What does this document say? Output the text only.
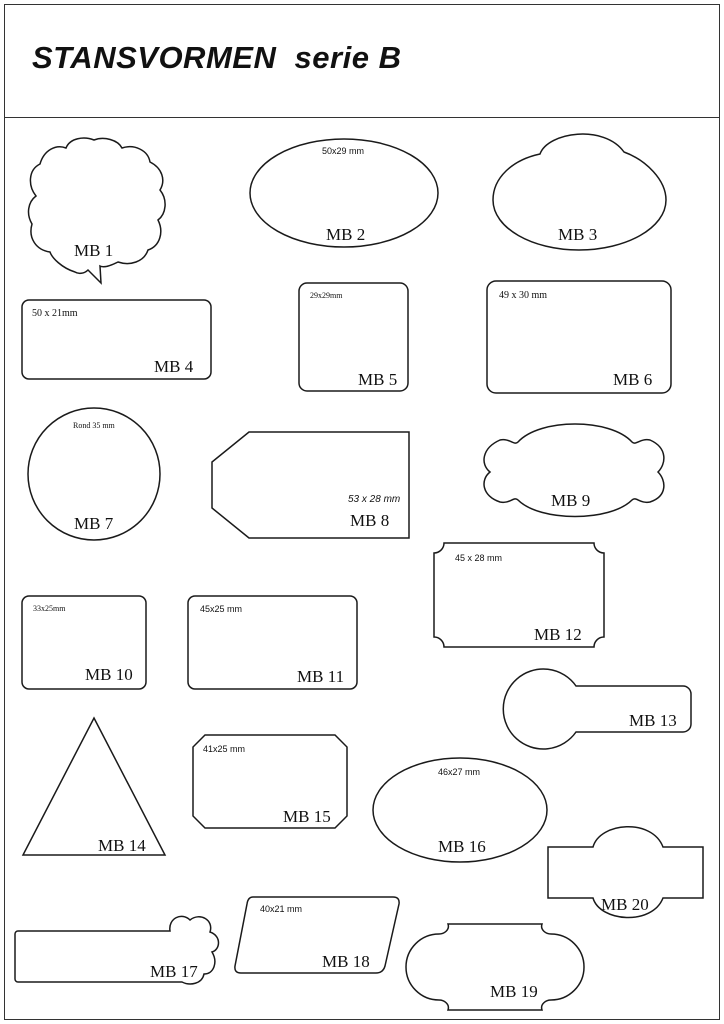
STANSVORMEN  serie B
MB 1
50x29 mm
MB 2	MB 3
50 x 21mm
MB 4
29x29mm
MB 5
49 x 30 mm
MB 6
Rond 35 mm
MB 7
53 x 28 mm
MB 8
MB 9
33x25mm
MB 10
45x25 mm
MB 11
45 x 28 mm
MB 12
MB 13
MB 14
41x25 mm
MB 15
46x27 mm
MB 16
MB 20
MB 17
40x21 mm
MB 18
MB 19
